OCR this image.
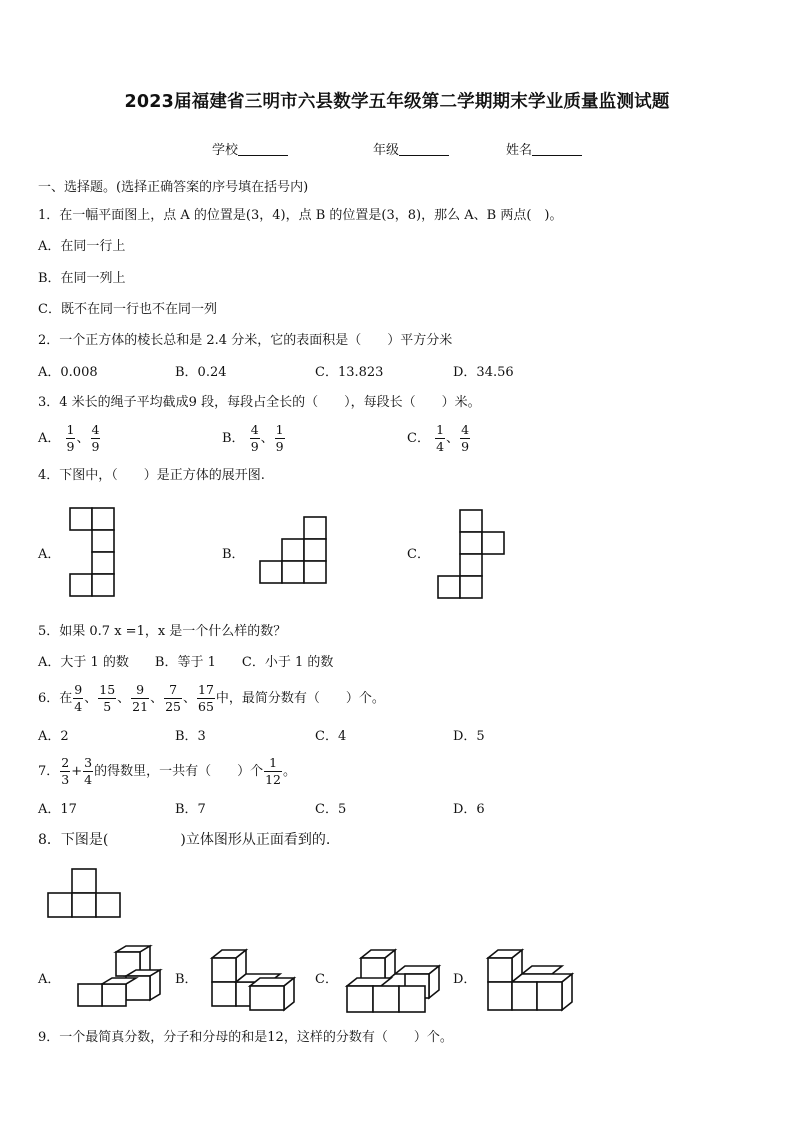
2023届福建省三明市六县数学五年级第二学期期末学业质量监测试题
学校	年级	姓名
一、选择题。(选择正确答案的序号填在括号内)
1．在一幅平面图上，点 A 的位置是(3，4)，点 B 的位置是(3，8)，那么 A、B 两点(　)。
A．在同一行上
B．在同一列上
C．既不在同一行也不在同一列
2．一个正方体的棱长总和是 2.4 分米，它的表面积是（　　）平方分米
A．0.008	B．0.24	C．13.823	D．34.56
3．4 米长的绳子平均截成9 段，每段占全长的（　　），每段长（　　）米。
A． $\frac{1}{9}$ 、 $\frac{4}{9}$	B． $\frac{4}{9}$ 、 $\frac{1}{9}$	C． $\frac{1}{4}$ 、 $\frac{4}{9}$
4．下图中，（　　）是正方体的展开图.
A．	B．	C．
5．如果 0.7 x =1，x 是一个什么样的数？
A．大于 1 的数　　B．等于 1　　C．小于 1 的数
6．在 $\frac{9}{4}$ 、 $\frac{15}{5}$ 、 $\frac{9}{21}$ 、 $\frac{7}{25}$ 、 $\frac{17}{65}$ 中，最简分数有（　　）个。
A．2	B．3	C．4	D．5
7． $\frac{2}{3} + \frac{3}{4}$ 的得数里，一共有（　　）个 $\frac{1}{12}$ 。
A．17	B．7	C．5	D．6
8．下图是(	)立体图形从正面看到的.
A．	B．	C．	D．
9．一个最简真分数，分子和分母的和是12，这样的分数有（　　）个。
